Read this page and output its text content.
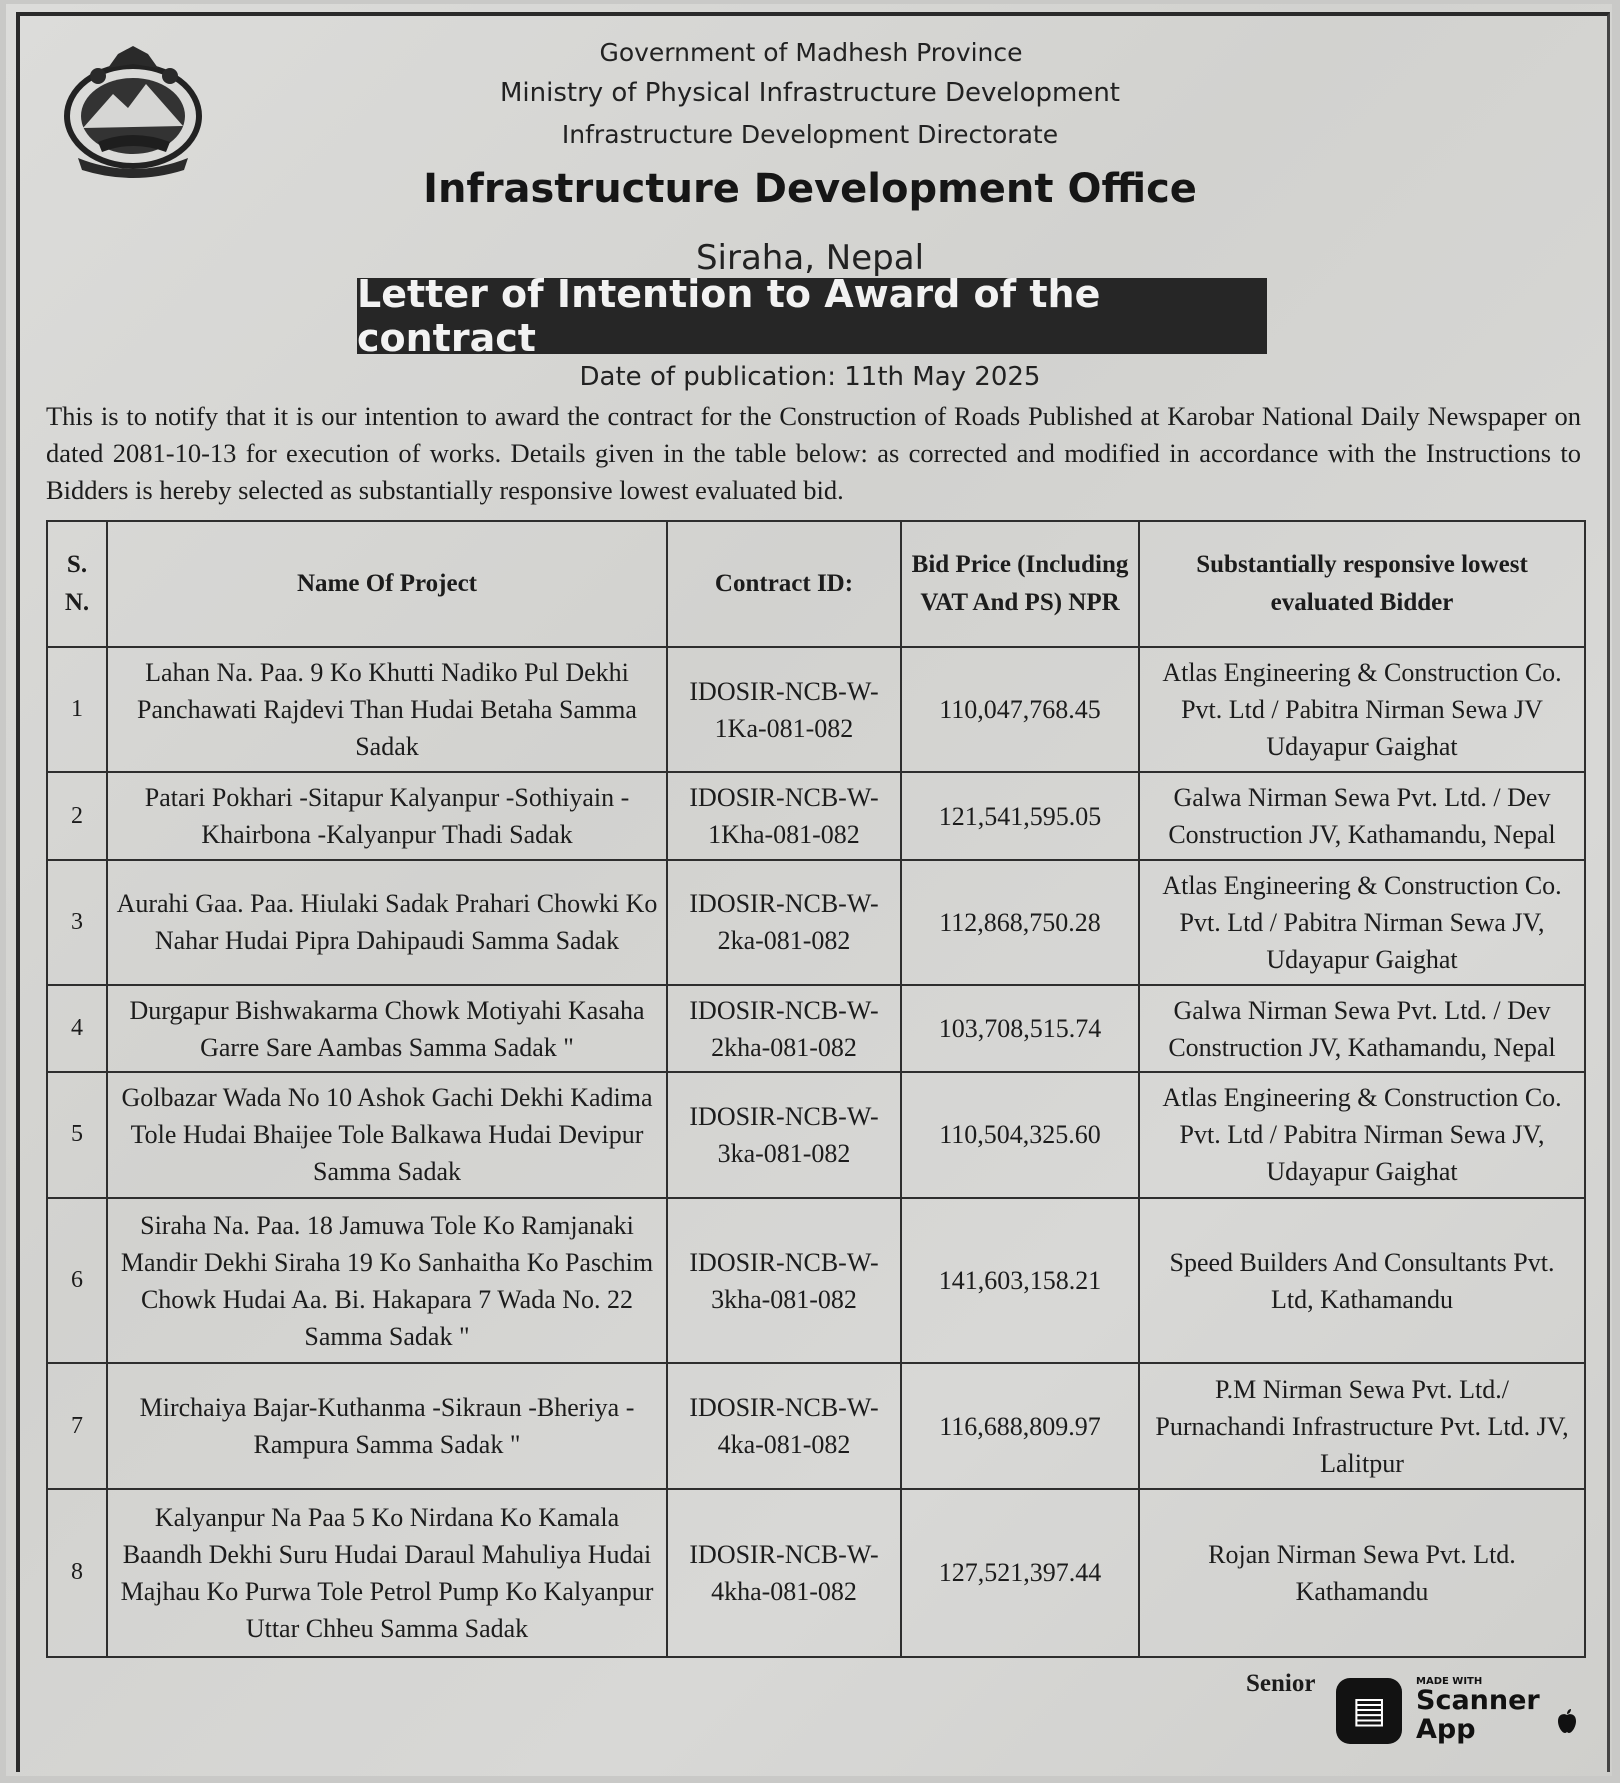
Government of Madhesh Province
Ministry of Physical Infrastructure Development
Infrastructure Development Directorate
Infrastructure Development Office
Siraha, Nepal
Letter of Intention to Award of the contract
Date of publication: 11th May 2025
This is to notify that it is our intention to award the contract for the Construction of Roads Published at Karobar National Daily Newspaper on dated 2081-10-13 for execution of works. Details given in the table below: as corrected and modified in accordance with the Instructions to Bidders is hereby selected as substantially responsive lowest evaluated bid.
S. N.	Name Of Project	Contract ID:	Bid Price (Including VAT And PS) NPR	Substantially responsive lowest evaluated Bidder
1	Lahan Na. Paa. 9 Ko Khutti Nadiko Pul Dekhi Panchawati Rajdevi Than Hudai Betaha Samma Sadak	IDOSIR-NCB-W-1Ka-081-082	110,047,768.45	Atlas Engineering & Construction Co. Pvt. Ltd / Pabitra Nirman Sewa JV Udayapur Gaighat
2	Patari Pokhari -Sitapur Kalyanpur -Sothiyain -Khairbona -Kalyanpur Thadi Sadak	IDOSIR-NCB-W-1Kha-081-082	121,541,595.05	Galwa Nirman Sewa Pvt. Ltd. / Dev Construction JV, Kathamandu, Nepal
3	Aurahi Gaa. Paa. Hiulaki Sadak Prahari Chowki Ko Nahar Hudai Pipra Dahipaudi Samma Sadak	IDOSIR-NCB-W-2ka-081-082	112,868,750.28	Atlas Engineering & Construction Co. Pvt. Ltd / Pabitra Nirman Sewa JV, Udayapur Gaighat
4	Durgapur Bishwakarma Chowk Motiyahi Kasaha Garre Sare Aambas Samma Sadak "	IDOSIR-NCB-W-2kha-081-082	103,708,515.74	Galwa Nirman Sewa Pvt. Ltd. / Dev Construction JV, Kathamandu, Nepal
5	Golbazar Wada No 10 Ashok Gachi Dekhi Kadima Tole Hudai Bhaijee Tole Balkawa Hudai Devipur Samma Sadak	IDOSIR-NCB-W-3ka-081-082	110,504,325.60	Atlas Engineering & Construction Co. Pvt. Ltd / Pabitra Nirman Sewa JV, Udayapur Gaighat
6	Siraha Na. Paa. 18 Jamuwa Tole Ko Ramjanaki Mandir Dekhi Siraha 19 Ko Sanhaitha Ko Paschim Chowk Hudai Aa. Bi. Hakapara 7 Wada No. 22 Samma Sadak "	IDOSIR-NCB-W-3kha-081-082	141,603,158.21	Speed Builders And Consultants Pvt. Ltd, Kathamandu
7	Mirchaiya Bajar-Kuthanma -Sikraun -Bheriya - Rampura Samma Sadak "	IDOSIR-NCB-W-4ka-081-082	116,688,809.97	P.M Nirman Sewa Pvt. Ltd./ Purnachandi Infrastructure Pvt. Ltd. JV, Lalitpur
8	Kalyanpur Na Paa 5 Ko Nirdana Ko Kamala Baandh Dekhi Suru Hudai Daraul Mahuliya Hudai Majhau Ko Purwa Tole Petrol Pump Ko Kalyanpur Uttar Chheu Samma Sadak	IDOSIR-NCB-W-4kha-081-082	127,521,397.44	Rojan Nirman Sewa Pvt. Ltd. Kathamandu
Senior
▤
MADE WITH
Scanner
App
